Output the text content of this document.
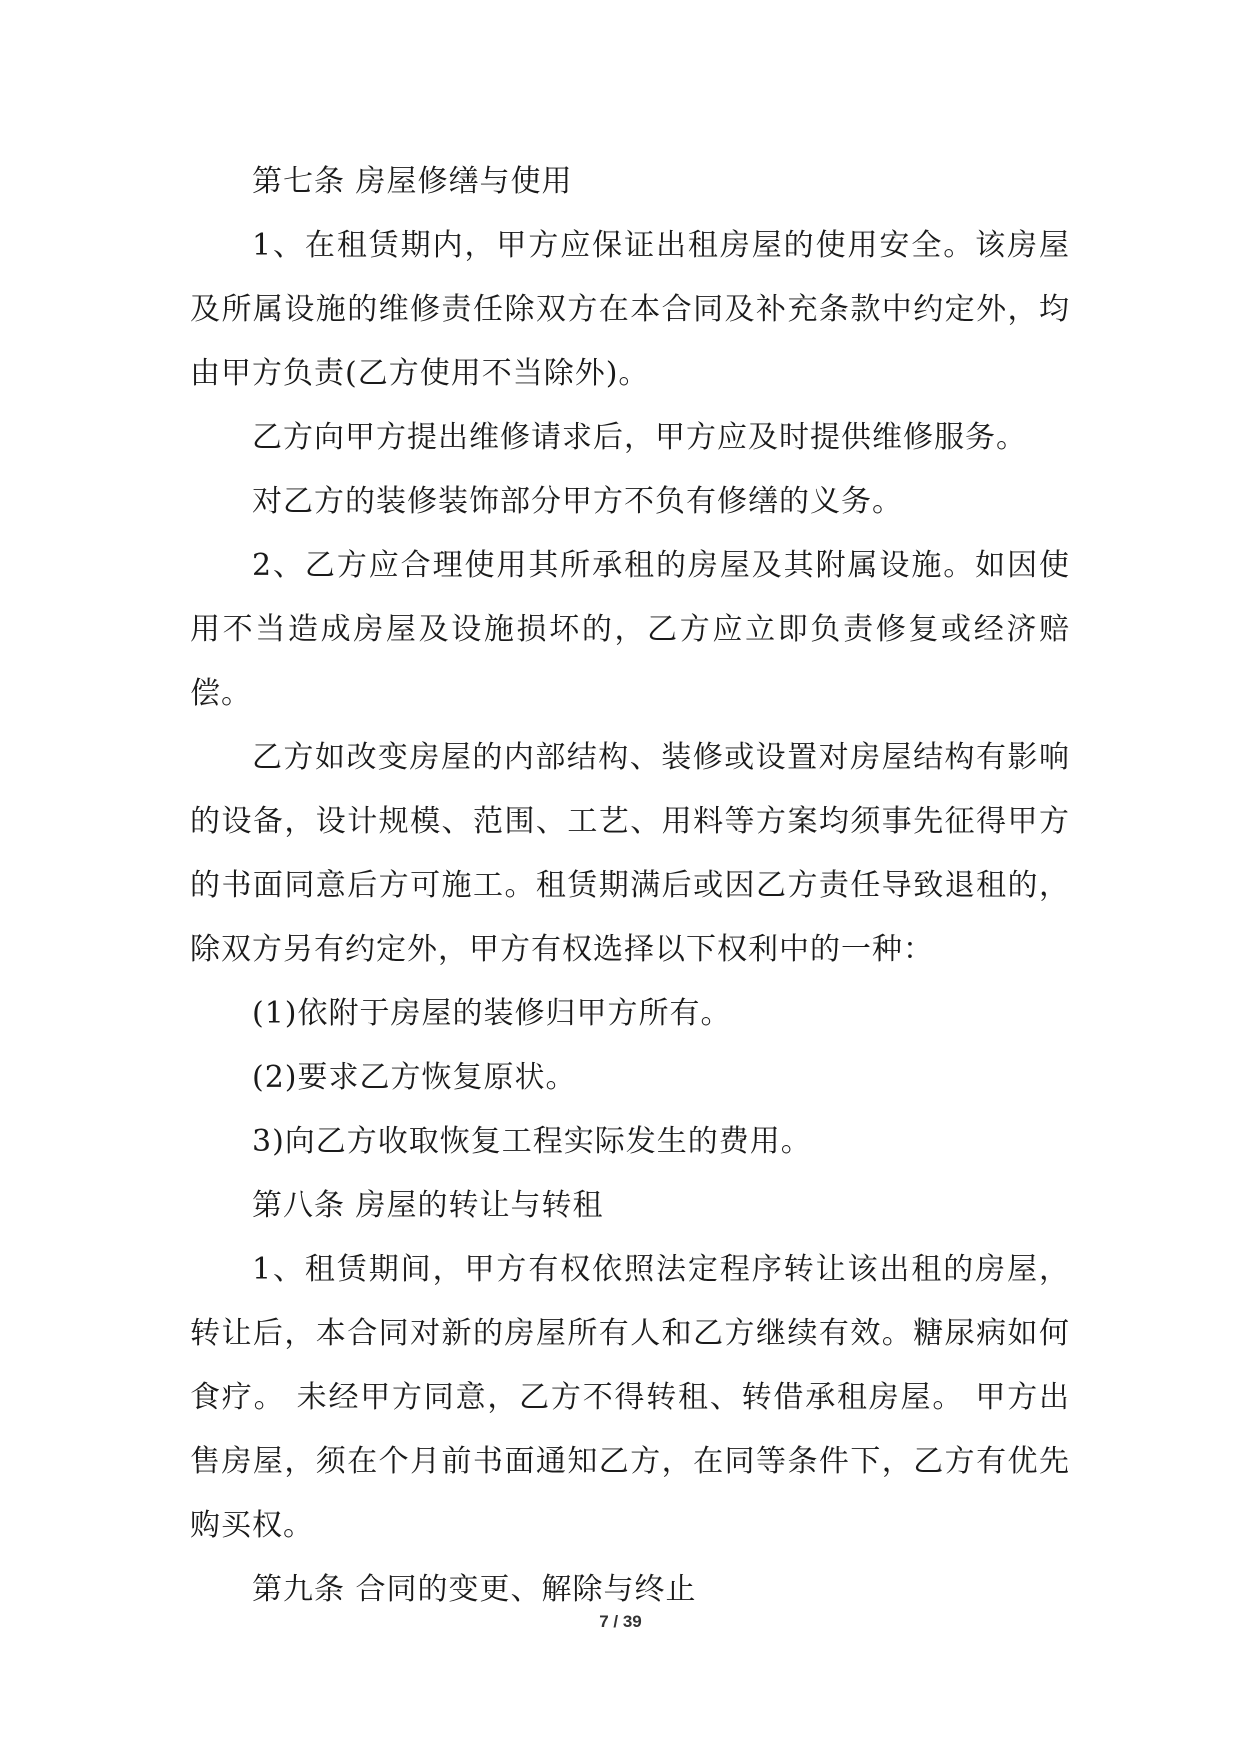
第七条 房屋修缮与使用

1、在租赁期内，甲方应保证出租房屋的使用安全。该房屋及所属设施的维修责任除双方在本合同及补充条款中约定外，均由甲方负责(乙方使用不当除外)。

乙方向甲方提出维修请求后，甲方应及时提供维修服务。

对乙方的装修装饰部分甲方不负有修缮的义务。

2、乙方应合理使用其所承租的房屋及其附属设施。如因使用不当造成房屋及设施损坏的，乙方应立即负责修复或经济赔偿。

乙方如改变房屋的内部结构、装修或设置对房屋结构有影响的设备，设计规模、范围、工艺、用料等方案均须事先征得甲方的书面同意后方可施工。租赁期满后或因乙方责任导致退租的，除双方另有约定外，甲方有权选择以下权利中的一种：

(1)依附于房屋的装修归甲方所有。

(2)要求乙方恢复原状。

3)向乙方收取恢复工程实际发生的费用。

第八条 房屋的转让与转租

1、租赁期间，甲方有权依照法定程序转让该出租的房屋，转让后，本合同对新的房屋所有人和乙方继续有效。糖尿病如何食疗。 未经甲方同意，乙方不得转租、转借承租房屋。 甲方出售房屋，须在个月前书面通知乙方，在同等条件下，乙方有优先购买权。

第九条 合同的变更、解除与终止

7 / 39
